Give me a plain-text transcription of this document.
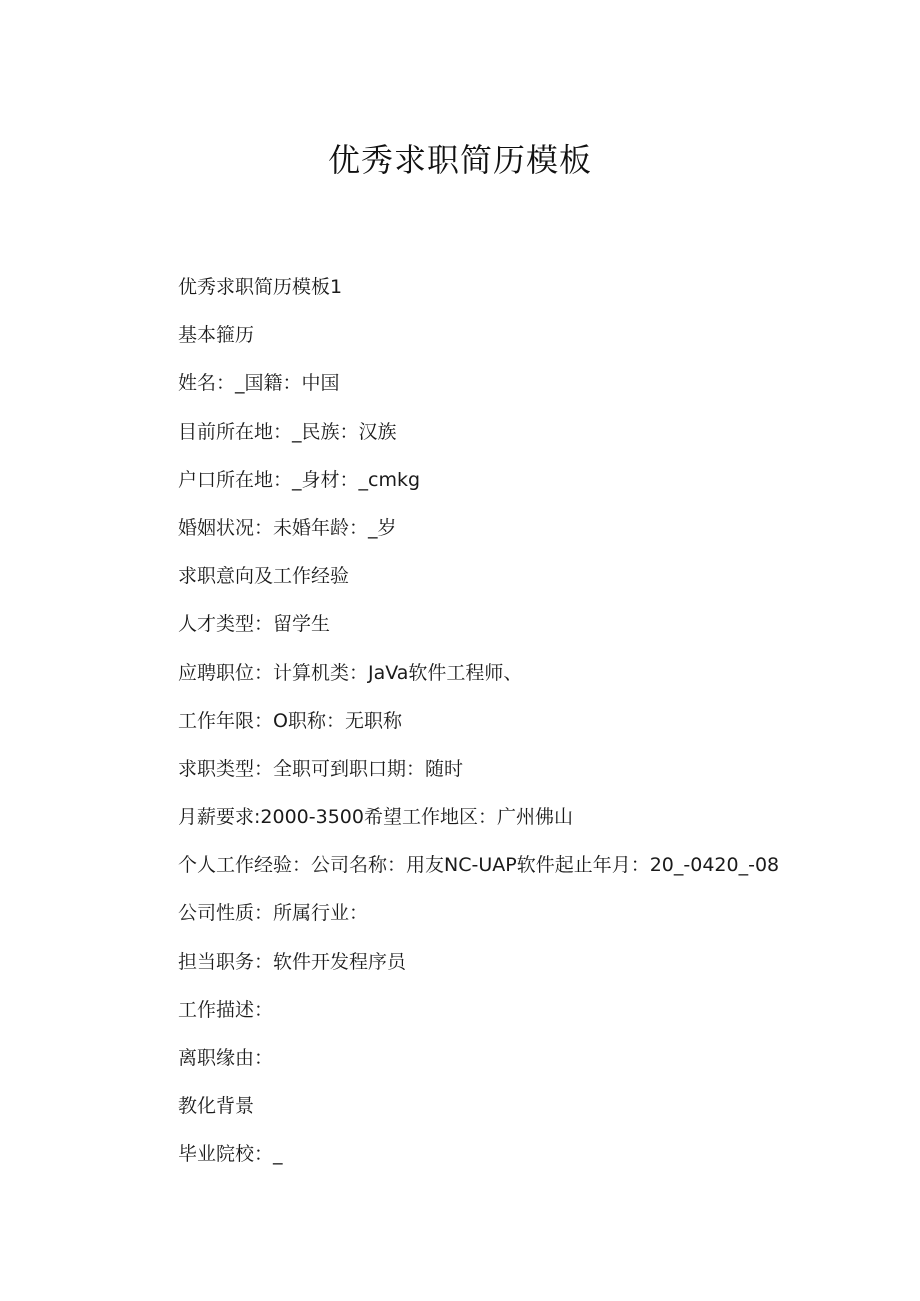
优秀求职简历模板
优秀求职简历模板1
基本箍历
姓名：_国籍：中国
目前所在地：_民族：汉族
户口所在地：_身材：_cmkg
婚姻状况：未婚年龄：_岁
求职意向及工作经验
人才类型：留学生
应聘职位：计算机类：JaVa软件工程师、
工作年限：O职称：无职称
求职类型：全职可到职口期：随时
月薪要求:2000-3500希望工作地区：广州佛山
个人工作经验：公司名称：用友NC-UAP软件起止年月：20_-0420_-08
公司性质：所属行业：
担当职务：软件开发程序员
工作描述：
离职缘由：
教化背景
毕业院校：_
